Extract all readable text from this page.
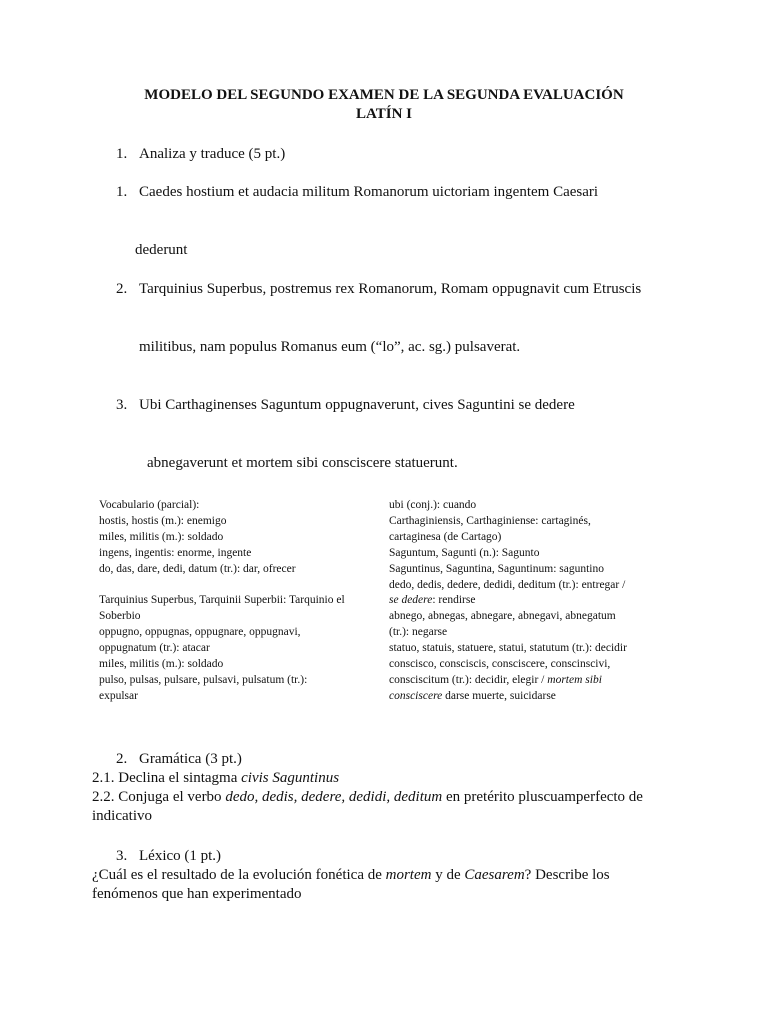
MODELO DEL SEGUNDO EXAMEN DE LA SEGUNDA EVALUACIÓN
LATÍN I
1. Analiza y traduce (5 pt.)
1. Caedes hostium et audacia militum Romanorum uictoriam ingentem Caesari
dederunt
2. Tarquinius Superbus, postremus rex Romanorum, Romam oppugnavit cum Etruscis
militibus, nam populus Romanus eum (“lo”, ac. sg.) pulsaverat.
3. Ubi Carthaginenses Saguntum oppugnaverunt, cives Saguntini se dedere
abnegaverunt et mortem sibi consciscere statuerunt.
Vocabulario (parcial):
hostis, hostis (m.): enemigo
miles, militis (m.): soldado
ingens, ingentis: enorme, ingente
do, das, dare, dedi, datum (tr.): dar, ofrecer

Tarquinius Superbus, Tarquinii Superbii: Tarquinio el
Soberbio
oppugno, oppugnas, oppugnare, oppugnavi,
oppugnatum (tr.): atacar
miles, militis (m.): soldado
pulso, pulsas, pulsare, pulsavi, pulsatum (tr.):
expulsar
ubi (conj.): cuando
Carthaginiensis, Carthaginiense: cartaginés,
cartaginesa (de Cartago)
Saguntum, Sagunti (n.): Sagunto
Saguntinus, Saguntina, Saguntinum: saguntino
dedo, dedis, dedere, dedidi, deditum (tr.): entregar /
se dedere: rendirse
abnego, abnegas, abnegare, abnegavi, abnegatum
(tr.): negarse
statuo, statuis, statuere, statui, statutum (tr.): decidir
conscisco, consciscis, consciscere, conscinscivi,
consciscitum (tr.): decidir, elegir / mortem sibi
consciscere darse muerte, suicidarse
2. Gramática (3 pt.)
2.1. Declina el sintagma civis Saguntinus
2.2. Conjuga el verbo dedo, dedis, dedere, dedidi, deditum en pretérito pluscuamperfecto de
indicativo
3. Léxico (1 pt.)
¿Cuál es el resultado de la evolución fonética de mortem y de Caesarem? Describe los
fenómenos que han experimentado
